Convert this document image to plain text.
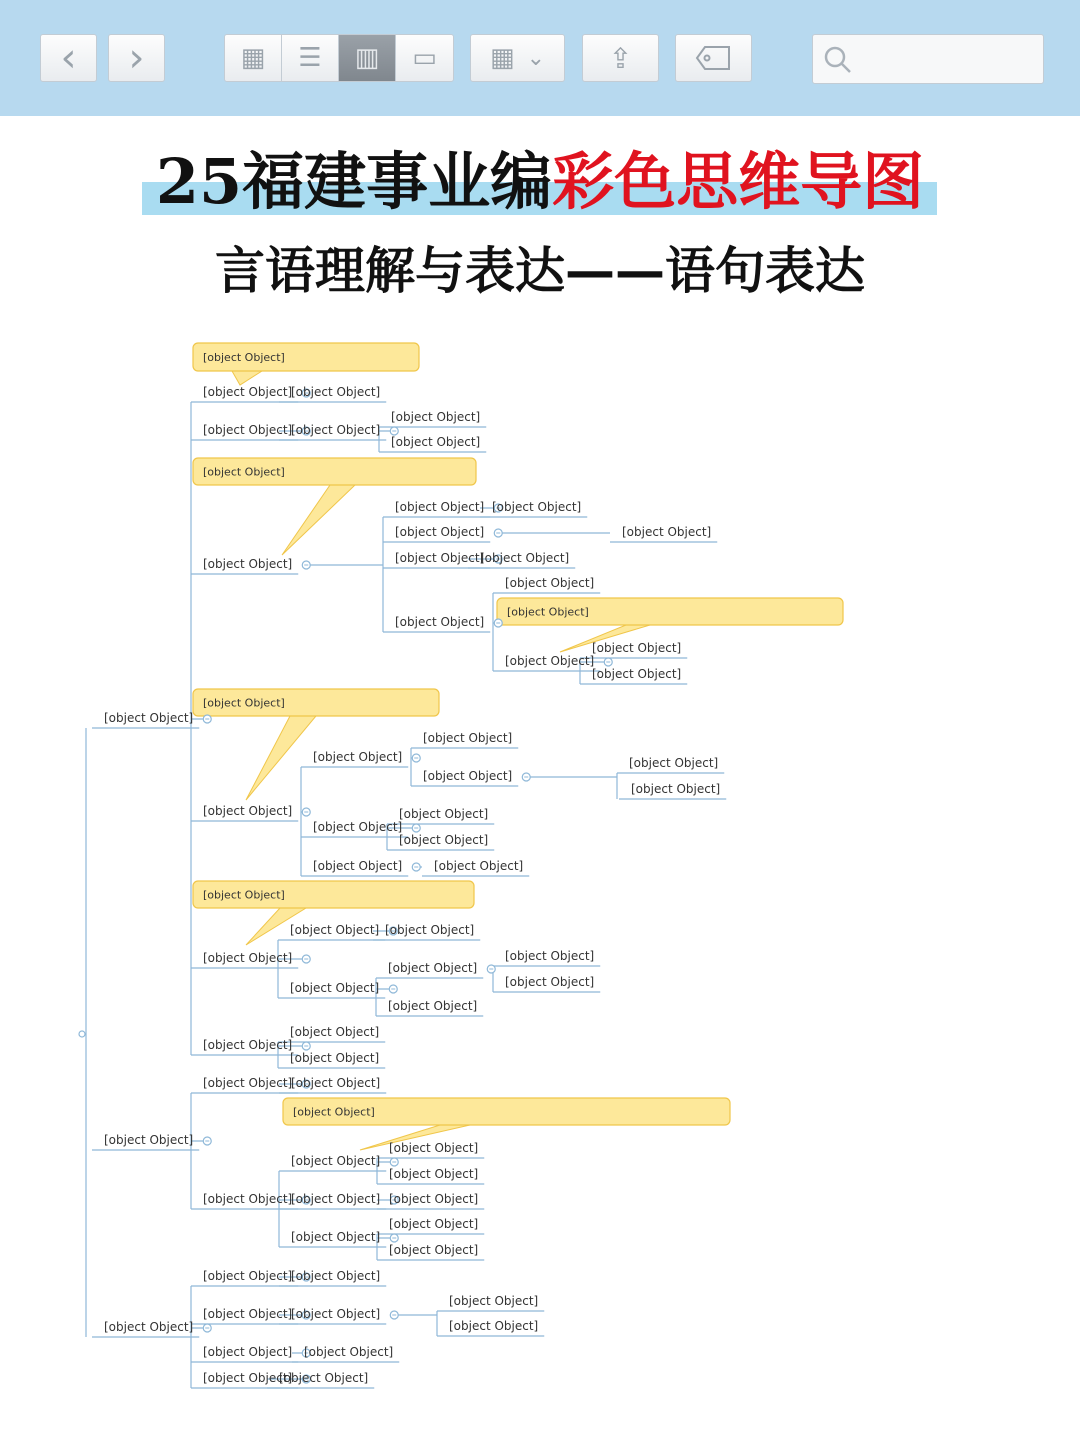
‹ ›	▦ ☰ ▥ ▭ ▦ ⌄ ⇪
25福建事业编彩色思维导图
言语理解与表达——语句表达
[object Object]
[object Object]
[object Object]
[object Object]
[object Object]
[object Object]
[object Object]
[object Object]
[object Object]
[object Object]
[object Object]
[object Object]
[object Object]
[object Object] [object Object]
[object Object]	[object Object]
[object Object]
[object Object]
[object Object]
[object Object]
[object Object]
[object Object]
[object Object]
[object Object]
[object Object]
[object Object]
[object Object]
[object Object]
[object Object]
[object Object]
[object Object]
[object Object]
[object Object]
[object Object]	[object Object]
[object Object]
[object Object] [object Object]
[object Object]
[object Object]
[object Object]
[object Object]
[object Object]
[object Object]
[object Object]
[object Object]
[object Object]
[object Object]
[object Object]
[object Object]
[object Object]
[object Object]
[object Object]
[object Object] [object Object]
[object Object]
[object Object]
[object Object]
[object Object]
[object Object]
[object Object]
[object Object]
[object Object]
[object Object]
[object Object]
[object Object] [object Object]
[object Object]
[object Object]
